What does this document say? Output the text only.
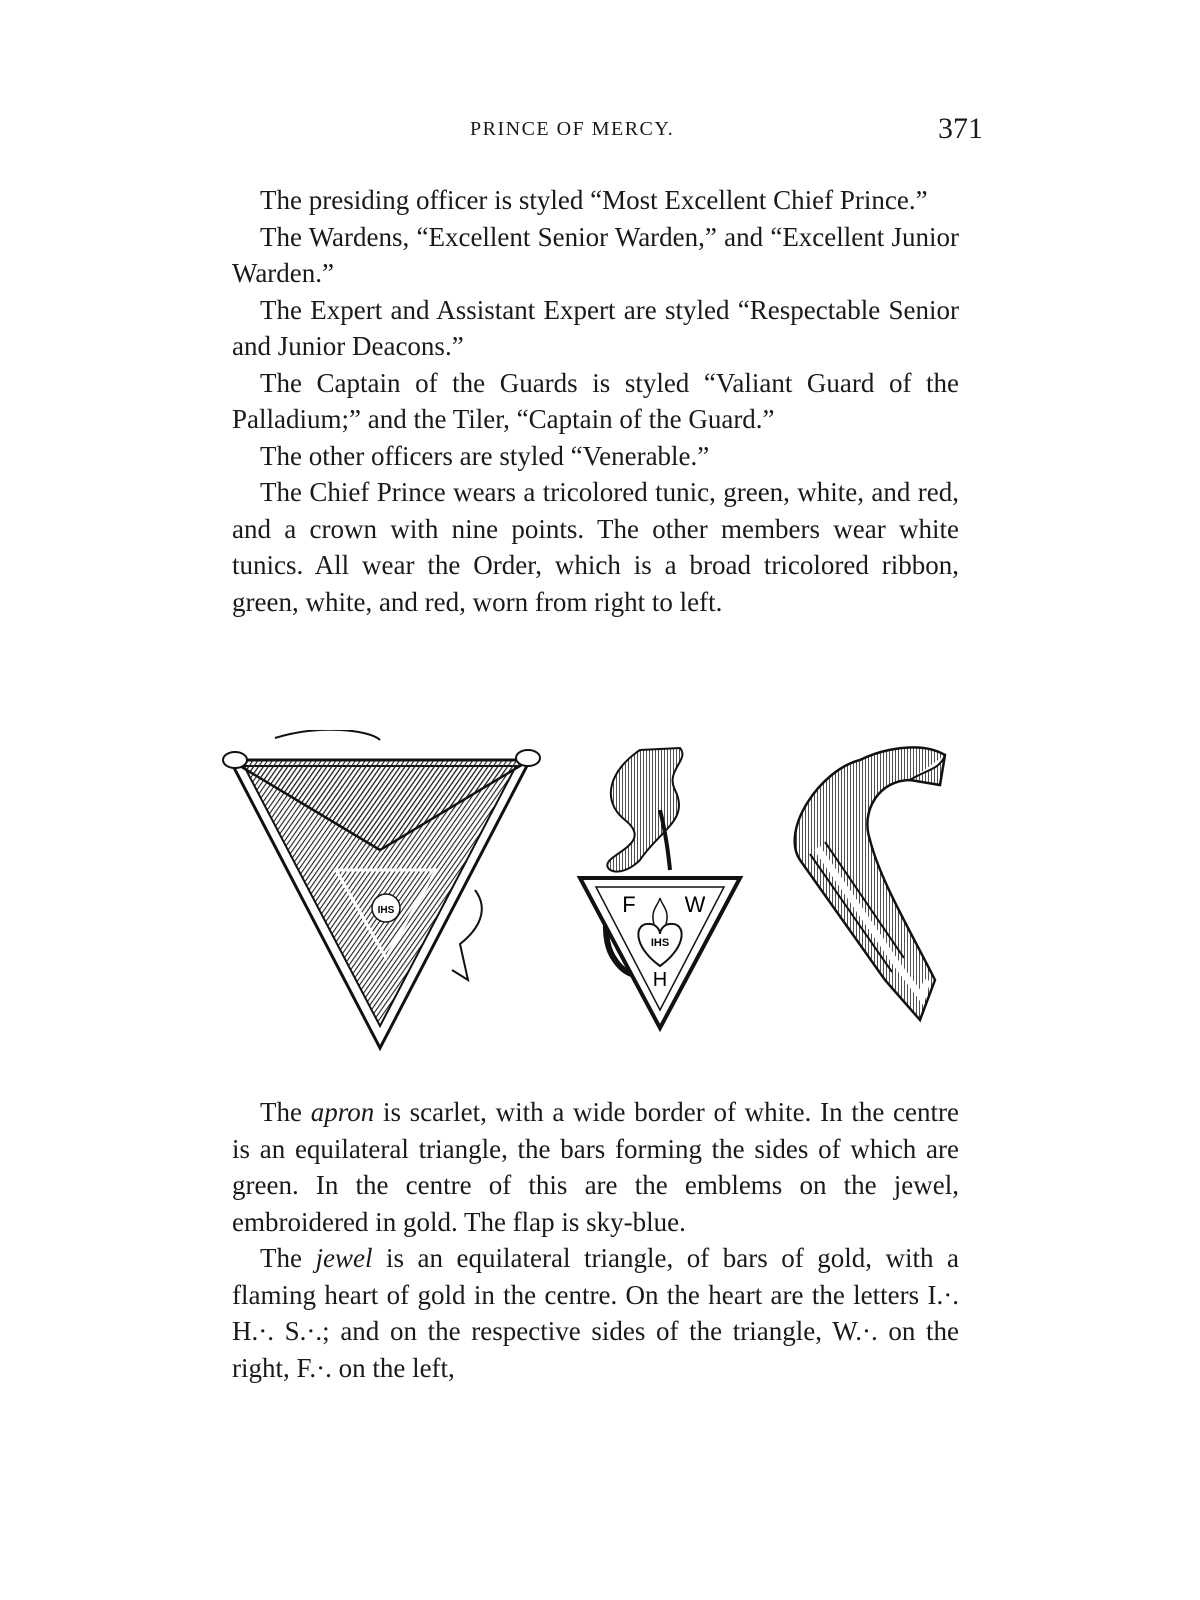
PRINCE OF MERCY.	371

The presiding officer is styled “Most Excellent Chief Prince.”

The Wardens, “Excellent Senior Warden,” and “Excellent Junior Warden.”

The Expert and Assistant Expert are styled “Respectable Senior and Junior Deacons.”

The Captain of the Guards is styled “Valiant Guard of the Palladium;” and the Tiler, “Captain of the Guard.”

The other officers are styled “Venerable.”

The Chief Prince wears a tricolored tunic, green, white, and red, and a crown with nine points. The other members wear white tunics. All wear the Order, which is a broad tricolored ribbon, green, white, and red, worn from right to left.

IHS	F W
IHS
H

The apron is scarlet, with a wide border of white. In the centre is an equilateral triangle, the bars forming the sides of which are green. In the centre of this are the emblems on the jewel, embroidered in gold. The flap is sky-blue.

The jewel is an equilateral triangle, of bars of gold, with a flaming heart of gold in the centre. On the heart are the letters I.·. H.·. S.·.; and on the respective sides of the triangle, W.·. on the right, F.·. on the left,
